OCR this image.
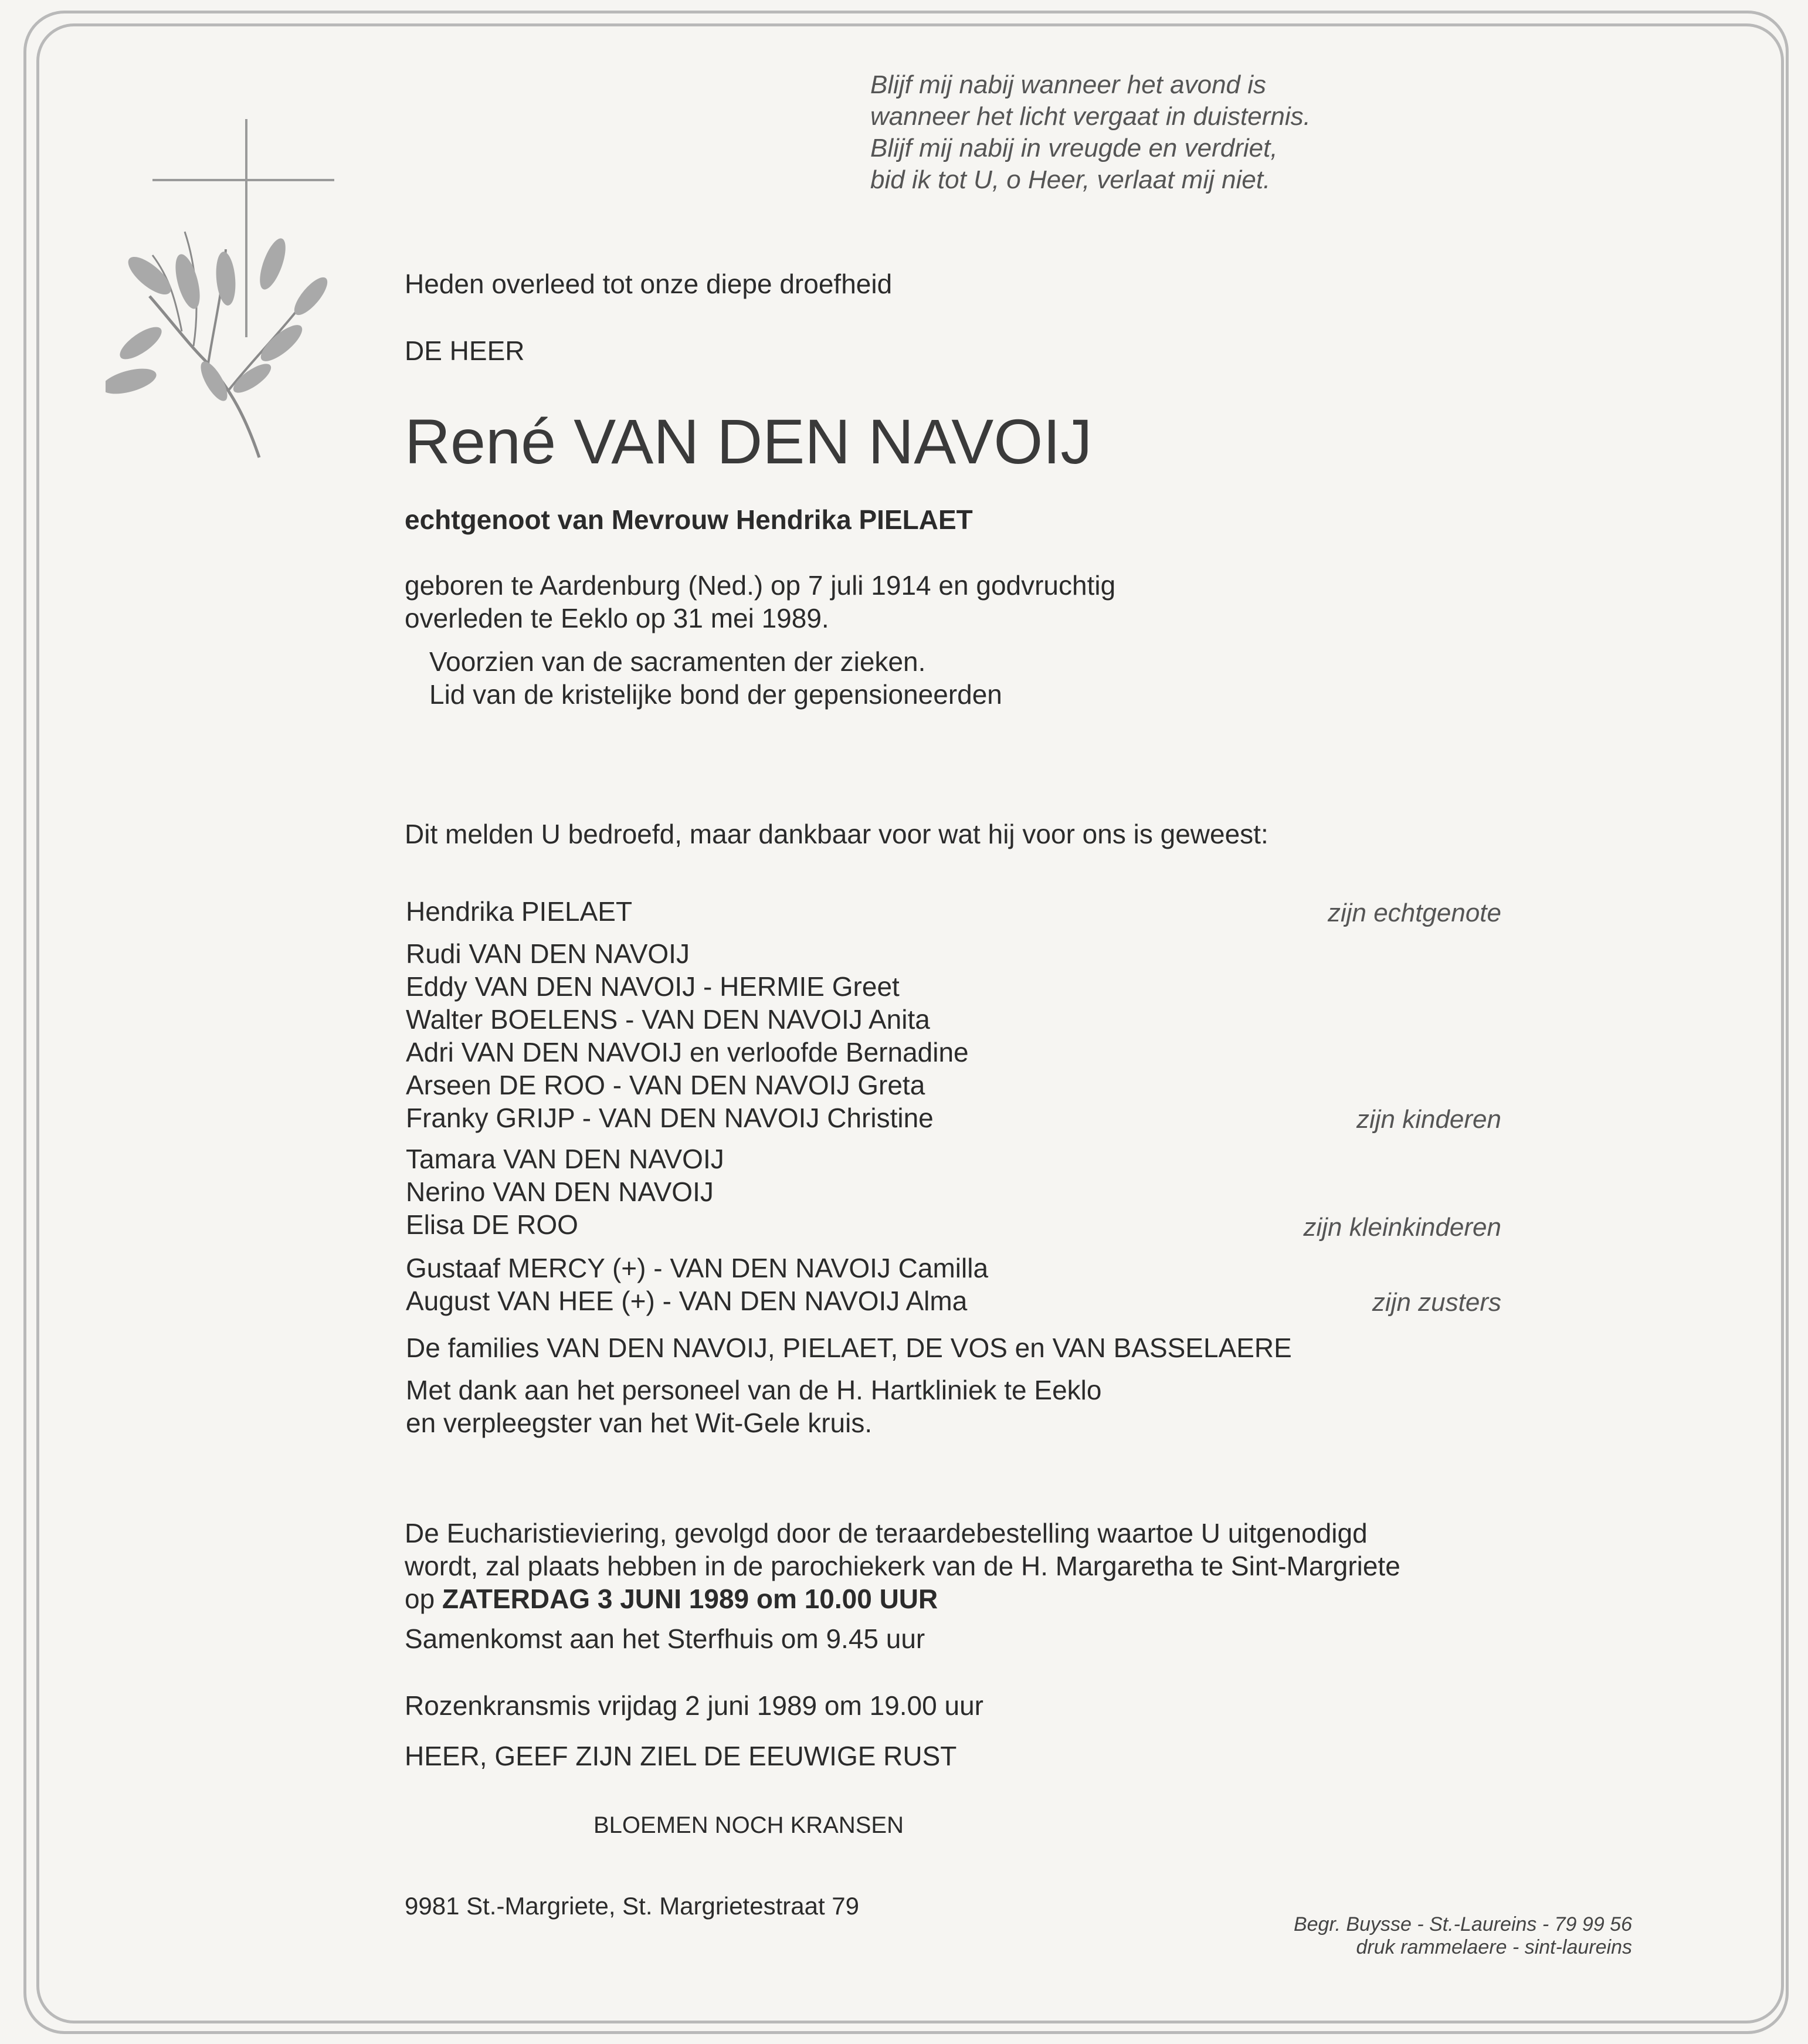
Blijf mij nabij wanneer het avond is
wanneer het licht vergaat in duisternis.
Blijf mij nabij in vreugde en verdriet,
bid ik tot U, o Heer, verlaat mij niet.
Heden overleed tot onze diepe droefheid
DE HEER
René VAN DEN NAVOIJ
echtgenoot van Mevrouw Hendrika PIELAET
geboren te Aardenburg (Ned.) op 7 juli 1914 en godvruchtig
overleden te Eeklo op 31 mei 1989.
Voorzien van de sacramenten der zieken.
Lid van de kristelijke bond der gepensioneerden
Dit melden U bedroefd, maar dankbaar voor wat hij voor ons is geweest:
Hendrika PIELAET	zijn echtgenote
Rudi VAN DEN NAVOIJ
Eddy VAN DEN NAVOIJ - HERMIE Greet
Walter BOELENS - VAN DEN NAVOIJ Anita
Adri VAN DEN NAVOIJ en verloofde Bernadine
Arseen DE ROO - VAN DEN NAVOIJ Greta
Franky GRIJP - VAN DEN NAVOIJ Christine	zijn kinderen
Tamara VAN DEN NAVOIJ
Nerino VAN DEN NAVOIJ
Elisa DE ROO	zijn kleinkinderen
Gustaaf MERCY (+) - VAN DEN NAVOIJ Camilla
August VAN HEE (+) - VAN DEN NAVOIJ Alma	zijn zusters
De families VAN DEN NAVOIJ, PIELAET, DE VOS en VAN BASSELAERE
Met dank aan het personeel van de H. Hartkliniek te Eeklo
en verpleegster van het Wit-Gele kruis.
De Eucharistieviering, gevolgd door de teraardebestelling waartoe U uitgenodigd
wordt, zal plaats hebben in de parochiekerk van de H. Margaretha te Sint-Margriete
op ZATERDAG 3 JUNI 1989 om 10.00 UUR
Samenkomst aan het Sterfhuis om 9.45 uur
Rozenkransmis vrijdag 2 juni 1989 om 19.00 uur
HEER, GEEF ZIJN ZIEL DE EEUWIGE RUST
BLOEMEN NOCH KRANSEN
9981 St.-Margriete, St. Margrietestraat 79
Begr. Buysse - St.-Laureins - 79 99 56
druk rammelaere - sint-laureins
